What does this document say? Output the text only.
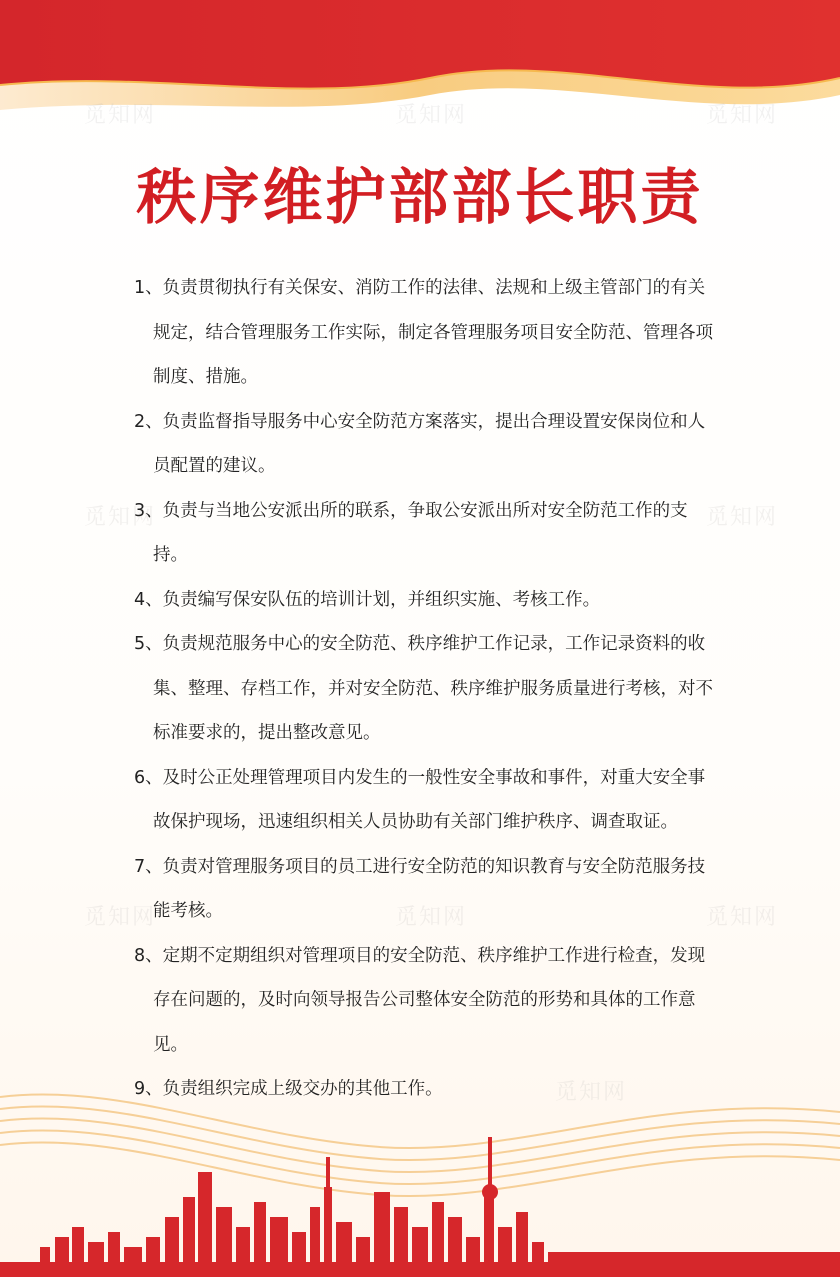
觅知网	觅知网	觅知网
觅知网	觅知网
觅知网	觅知网	觅知网
觅知网
秩序维护部部长职责
1、负责贯彻执行有关保安、消防工作的法律、法规和上级主管部门的有关规定，结合管理服务工作实际，制定各管理服务项目安全防范、管理各项制度、措施。
2、负责监督指导服务中心安全防范方案落实，提出合理设置安保岗位和人员配置的建议。
3、负责与当地公安派出所的联系，争取公安派出所对安全防范工作的支持。
4、负责编写保安队伍的培训计划，并组织实施、考核工作。
5、负责规范服务中心的安全防范、秩序维护工作记录，工作记录资料的收集、整理、存档工作，并对安全防范、秩序维护服务质量进行考核，对不标准要求的，提出整改意见。
6、及时公正处理管理项目内发生的一般性安全事故和事件，对重大安全事故保护现场，迅速组织相关人员协助有关部门维护秩序、调查取证。
7、负责对管理服务项目的员工进行安全防范的知识教育与安全防范服务技能考核。
8、定期不定期组织对管理项目的安全防范、秩序维护工作进行检查，发现存在问题的，及时向领导报告公司整体安全防范的形势和具体的工作意见。
9、负责组织完成上级交办的其他工作。
